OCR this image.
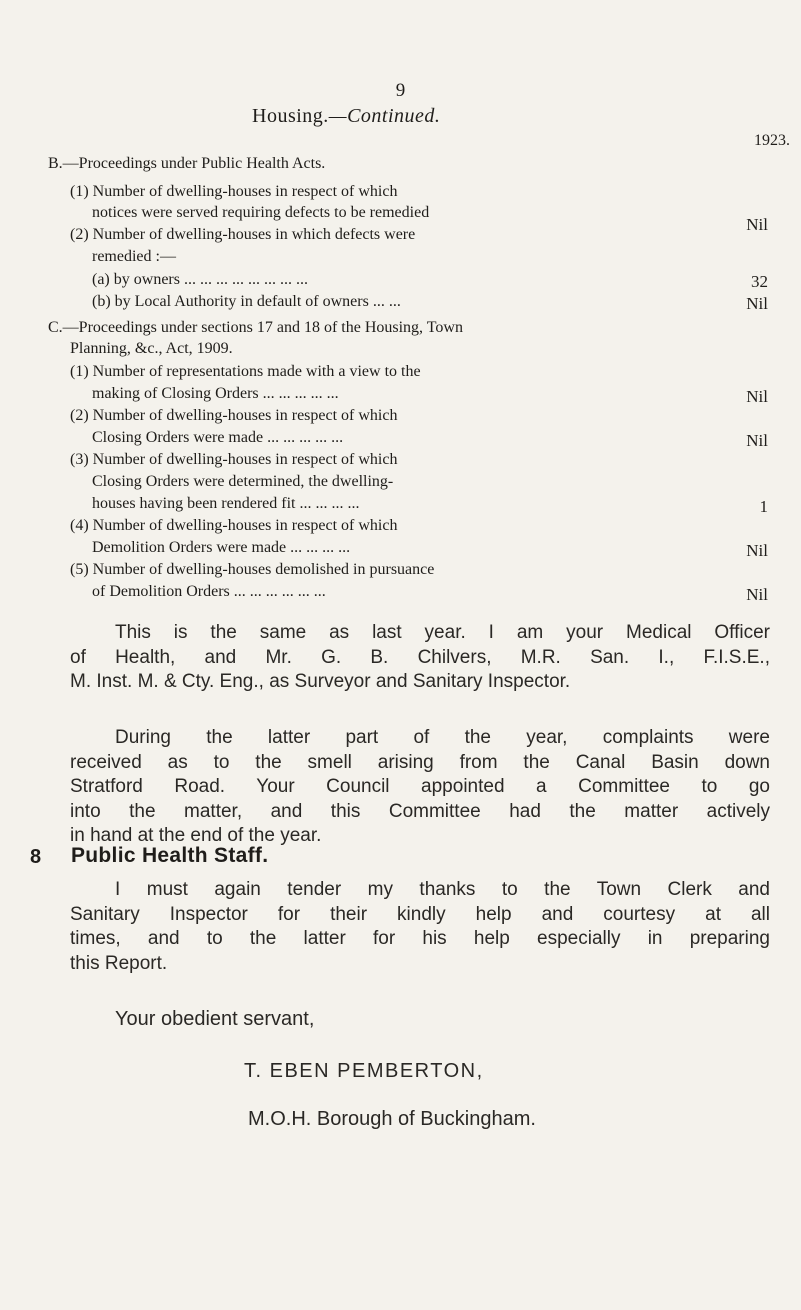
9
Housing.—Continued.
1923.
B.—Proceedings under Public Health Acts.
(1) Number of dwelling-houses in respect of which
notices were served requiring defects to be remedied
Nil
(2) Number of dwelling-houses in which defects were
remedied :—
(a) by owners ... ... ... ... ... ... ... ...	32
(b) by Local Authority in default of owners ... ...	Nil
C.—Proceedings under sections 17 and 18 of the Housing, Town
Planning, &c., Act, 1909.
(1) Number of representations made with a view to the
making of Closing Orders ... ... ... ... ...	Nil
(2) Number of dwelling-houses in respect of which
Closing Orders were made ... ... ... ... ...	Nil
(3) Number of dwelling-houses in respect of which
Closing Orders were determined, the dwelling-
houses having been rendered fit ... ... ... ...	1
(4) Number of dwelling-houses in respect of which
Demolition Orders were made ... ... ... ...	Nil
(5) Number of dwelling-houses demolished in pursuance
of Demolition Orders ... ... ... ... ... ...	Nil
8 Public Health Staff.
This is the same as last year. I am your Medical Officer
of Health, and Mr. G. B. Chilvers, M.R. San. I., F.I.S.E.,
M. Inst. M. & Cty. Eng., as Surveyor and Sanitary Inspector.
During the latter part of the year, complaints were
received as to the smell arising from the Canal Basin down
Stratford Road. Your Council appointed a Committee to go
into the matter, and this Committee had the matter actively
in hand at the end of the year.
I must again tender my thanks to the Town Clerk and
Sanitary Inspector for their kindly help and courtesy at all
times, and to the latter for his help especially in preparing
this Report.
Your obedient servant,
T. EBEN PEMBERTON,
M.O.H. Borough of Buckingham.
